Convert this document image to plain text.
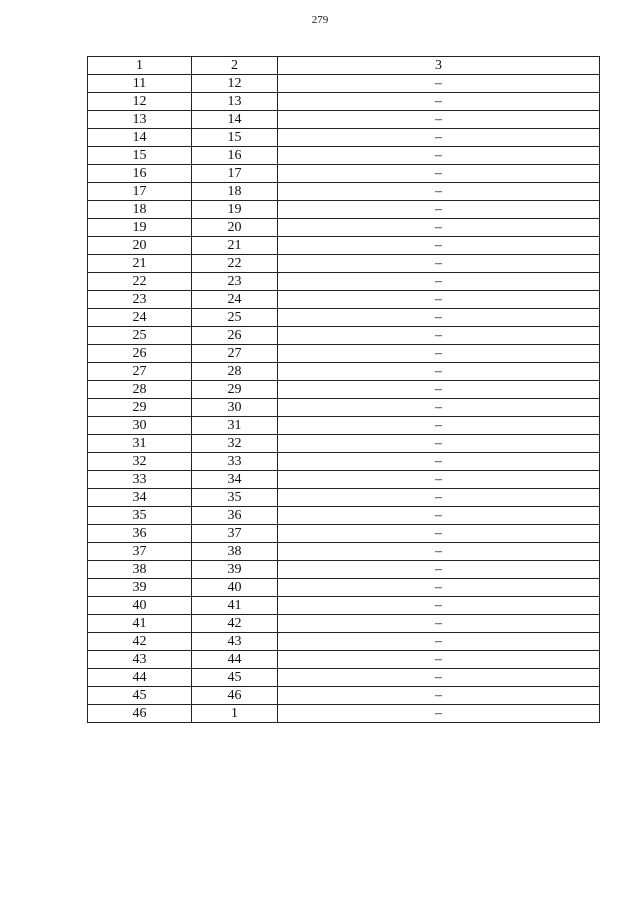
279
1	2	3
11	12	–
12	13	–
13	14	–
14	15	–
15	16	–
16	17	–
17	18	–
18	19	–
19	20	–
20	21	–
21	22	–
22	23	–
23	24	–
24	25	–
25	26	–
26	27	–
27	28	–
28	29	–
29	30	–
30	31	–
31	32	–
32	33	–
33	34	–
34	35	–
35	36	–
36	37	–
37	38	–
38	39	–
39	40	–
40	41	–
41	42	–
42	43	–
43	44	–
44	45	–
45	46	–
46	1	–
